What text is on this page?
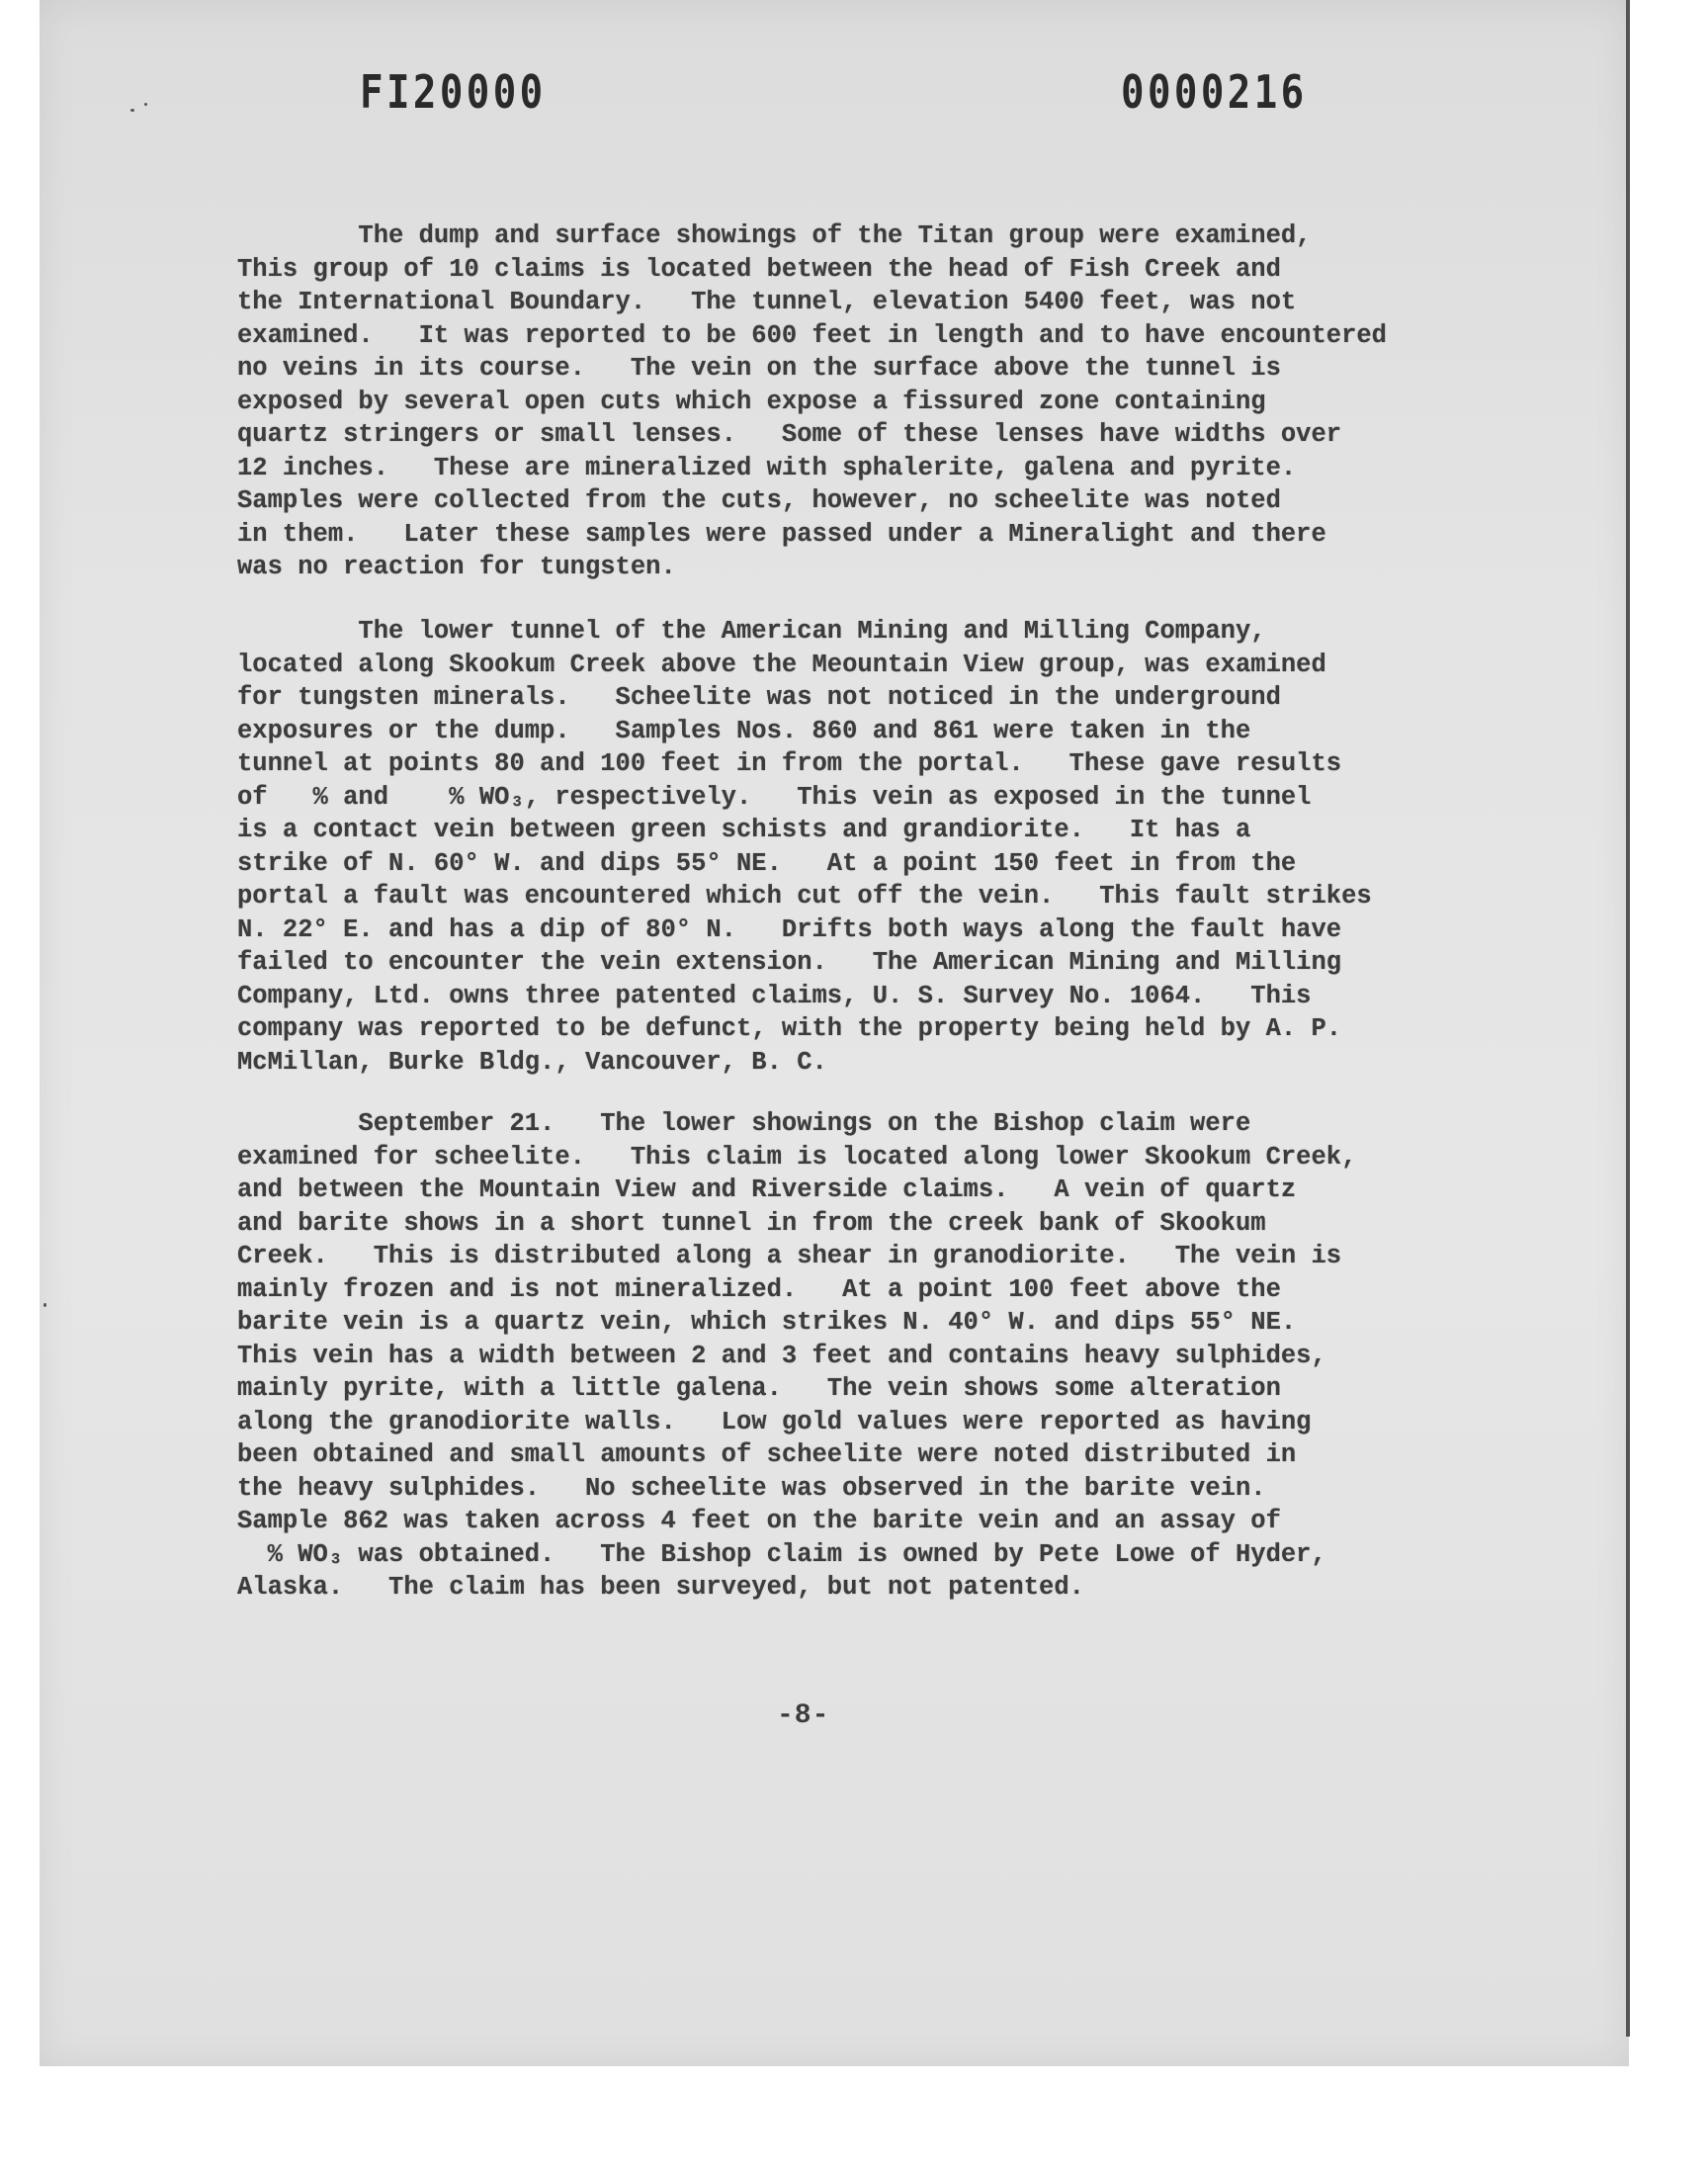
FI20000	0000216
The dump and surface showings of the Titan group were examined,
This group of 10 claims is located between the head of Fish Creek and
the International Boundary.   The tunnel, elevation 5400 feet, was not
examined.   It was reported to be 600 feet in length and to have encountered
no veins in its course.   The vein on the surface above the tunnel is
exposed by several open cuts which expose a fissured zone containing
quartz stringers or small lenses.   Some of these lenses have widths over
12 inches.   These are mineralized with sphalerite, galena and pyrite.
Samples were collected from the cuts, however, no scheelite was noted
in them.   Later these samples were passed under a Mineralight and there
was no reaction for tungsten.
The lower tunnel of the American Mining and Milling Company,
located along Skookum Creek above the Meountain View group, was examined
for tungsten minerals.   Scheelite was not noticed in the underground
exposures or the dump.   Samples Nos. 860 and 861 were taken in the
tunnel at points 80 and 100 feet in from the portal.   These gave results
of   % and    % WO₃, respectively.   This vein as exposed in the tunnel
is a contact vein between green schists and grandiorite.   It has a
strike of N. 60° W. and dips 55° NE.   At a point 150 feet in from the
portal a fault was encountered which cut off the vein.   This fault strikes
N. 22° E. and has a dip of 80° N.   Drifts both ways along the fault have
failed to encounter the vein extension.   The American Mining and Milling
Company, Ltd. owns three patented claims, U. S. Survey No. 1064.   This
company was reported to be defunct, with the property being held by A. P.
McMillan, Burke Bldg., Vancouver, B. C.
September 21.   The lower showings on the Bishop claim were
examined for scheelite.   This claim is located along lower Skookum Creek,
and between the Mountain View and Riverside claims.   A vein of quartz
and barite shows in a short tunnel in from the creek bank of Skookum
Creek.   This is distributed along a shear in granodiorite.   The vein is
mainly frozen and is not mineralized.   At a point 100 feet above the
barite vein is a quartz vein, which strikes N. 40° W. and dips 55° NE.
This vein has a width between 2 and 3 feet and contains heavy sulphides,
mainly pyrite, with a little galena.   The vein shows some alteration
along the granodiorite walls.   Low gold values were reported as having
been obtained and small amounts of scheelite were noted distributed in
the heavy sulphides.   No scheelite was observed in the barite vein.
Sample 862 was taken across 4 feet on the barite vein and an assay of
% WO₃ was obtained.   The Bishop claim is owned by Pete Lowe of Hyder,
Alaska.   The claim has been surveyed, but not patented.
-8-
